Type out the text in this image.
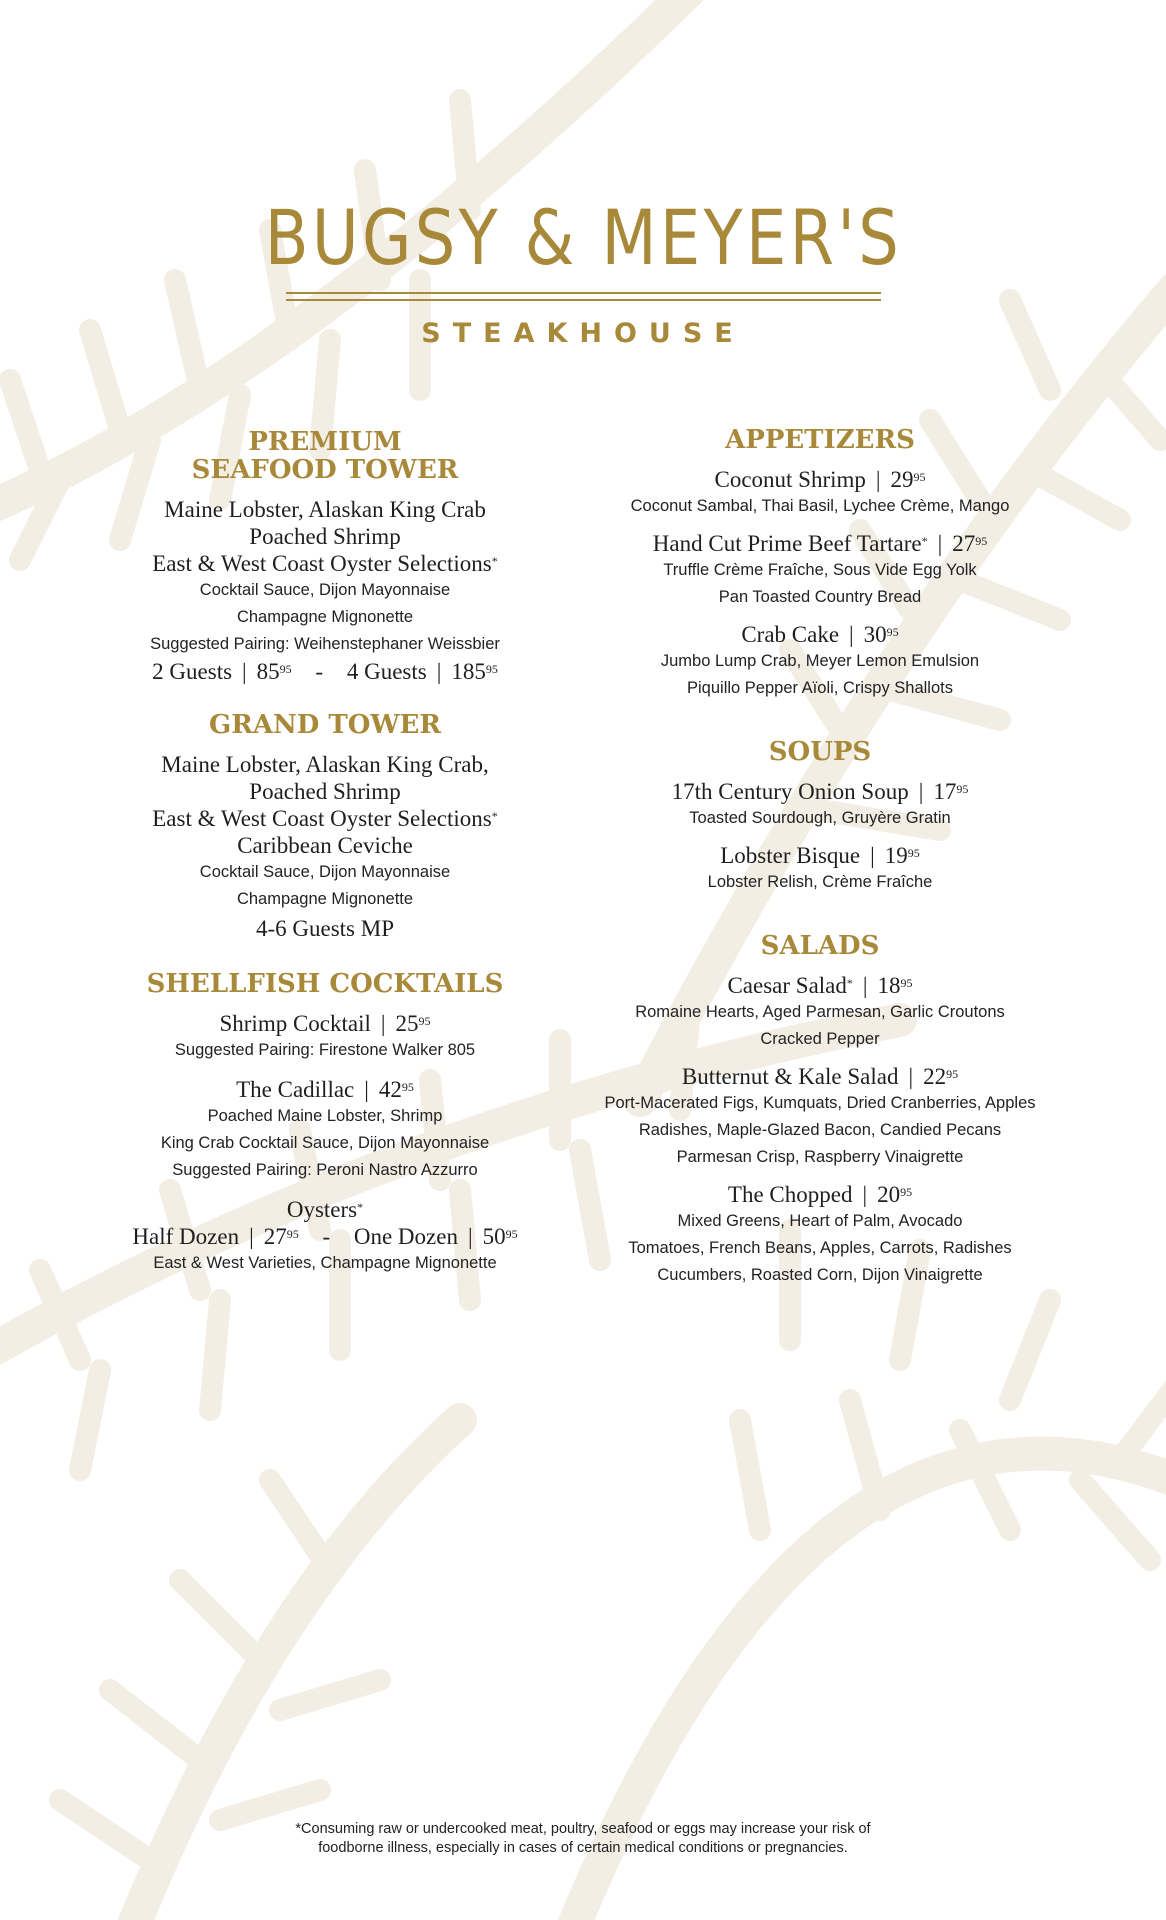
BUGSY & MEYER'S
STEAKHOUSE
PREMIUM
SEAFOOD TOWER
Maine Lobster, Alaskan King Crab
Poached Shrimp
East & West Coast Oyster Selections*
Cocktail Sauce, Dijon Mayonnaise
Champagne Mignonette
Suggested Pairing: Weihenstephaner Weissbier
2 Guests | $85^{95} - 4$ Guests | $185^{95}$
GRAND TOWER
Maine Lobster, Alaskan King Crab,
Poached Shrimp
East & West Coast Oyster Selections*
Caribbean Ceviche
Cocktail Sauce, Dijon Mayonnaise
Champagne Mignonette
4-6 Guests MP
SHELLFISH COCKTAILS
Shrimp Cocktail | $25^{95}$
Suggested Pairing: Firestone Walker 805
The Cadillac | $42^{95}$
Poached Maine Lobster, Shrimp
King Crab Cocktail Sauce, Dijon Mayonnaise
Suggested Pairing: Peroni Nastro Azzurro
Oysters*
Half Dozen | $27^{95}$ - One Dozen | $50^{95}$
East & West Varieties, Champagne Mignonette
APPETIZERS
Coconut Shrimp | $29^{95}$
Coconut Sambal, Thai Basil, Lychee Crème, Mango
Hand Cut Prime Beef Tartare* | $27^{95}$
Truffle Crème Fraîche, Sous Vide Egg Yolk
Pan Toasted Country Bread
Crab Cake | $30^{95}$
Jumbo Lump Crab, Meyer Lemon Emulsion
Piquillo Pepper Aïoli, Crispy Shallots
SOUPS
17th Century Onion Soup | $17^{95}$
Toasted Sourdough, Gruyère Gratin
Lobster Bisque | $19^{95}$
Lobster Relish, Crème Fraîche
SALADS
Caesar Salad* | $18^{95}$
Romaine Hearts, Aged Parmesan, Garlic Croutons
Cracked Pepper
Butternut & Kale Salad | $22^{95}$
Port-Macerated Figs, Kumquats, Dried Cranberries, Apples
Radishes, Maple-Glazed Bacon, Candied Pecans
Parmesan Crisp, Raspberry Vinaigrette
The Chopped | $20^{95}$
Mixed Greens, Heart of Palm, Avocado
Tomatoes, French Beans, Apples, Carrots, Radishes
Cucumbers, Roasted Corn, Dijon Vinaigrette
*Consuming raw or undercooked meat, poultry, seafood or eggs may increase your risk of
foodborne illness, especially in cases of certain medical conditions or pregnancies.
